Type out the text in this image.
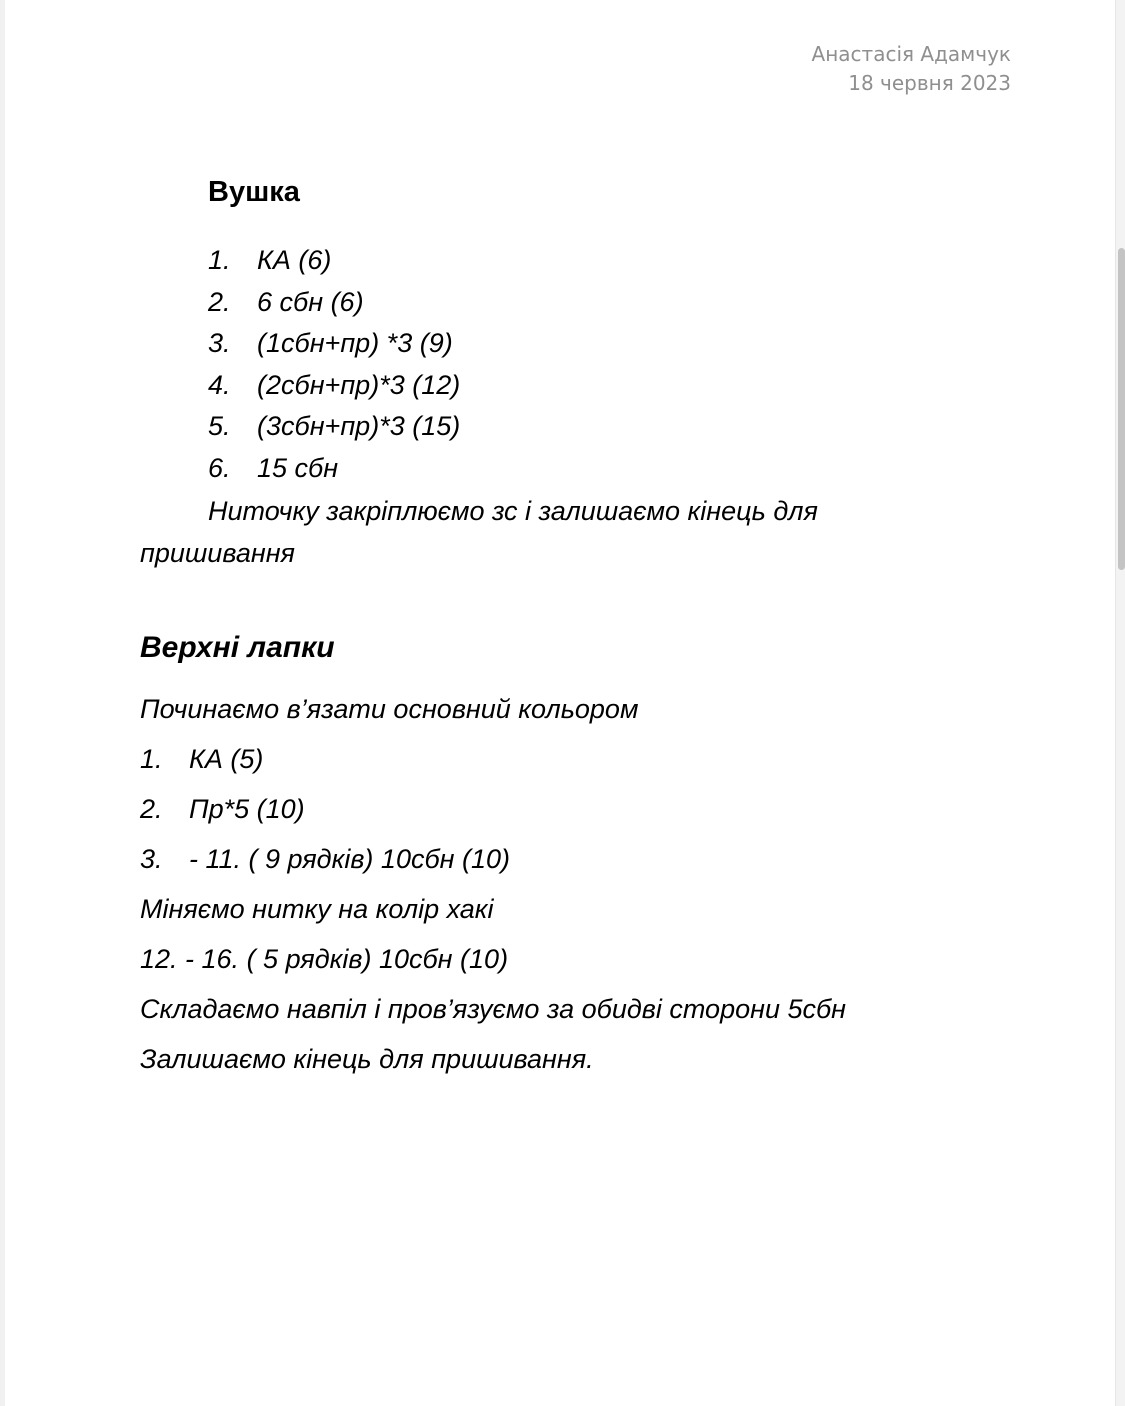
Анастасія Адамчук
18 червня 2023
Вушка
1. КА (6)
2. 6 сбн (6)
3. (1сбн+пр) *3 (9)
4. (2сбн+пр)*3 (12)
5. (3сбн+пр)*3 (15)
6. 15 сбн

Ниточку закріплюємо зс і залишаємо кінець для пришивання

Верхні лапки
Починаємо в’язати основний кольором
1. КА (5)
2. Пр*5 (10)
3. - 11. ( 9 рядків) 10сбн (10)
Міняємо нитку на колір хакі
12. - 16. ( 5 рядків) 10сбн (10)
Складаємо навпіл і пров’язуємо за обидві сторони 5сбн
Залишаємо кінець для пришивання.
